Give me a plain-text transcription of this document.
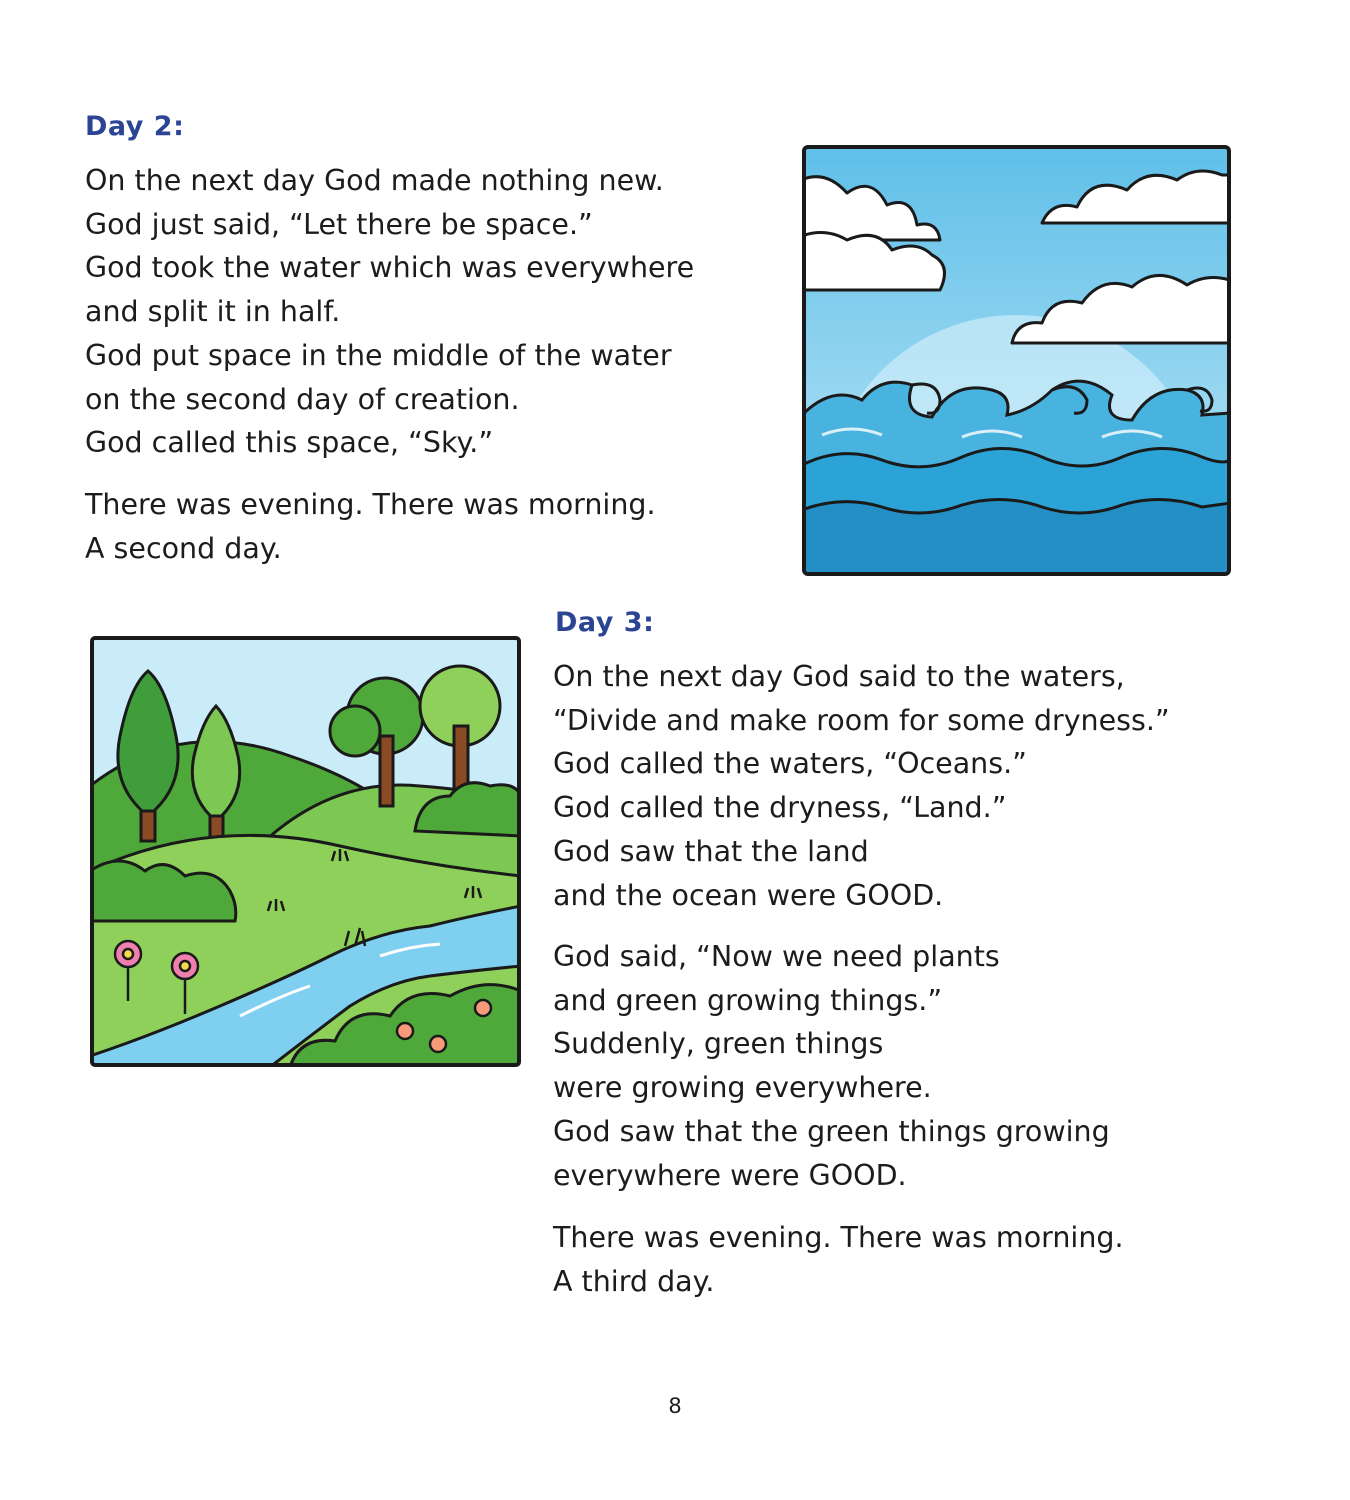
Day 2:
On the next day God made nothing new.
God just said, “Let there be space.”
God took the water which was everywhere
and split it in half.
God put space in the middle of the water
on the second day of creation.
God called this space, “Sky.”
There was evening. There was morning.
A second day.
Day 3:
On the next day God said to the waters,
“Divide and make room for some dryness.”
God called the waters, “Oceans.”
God called the dryness, “Land.”
God saw that the land
and the ocean were GOOD.
God said, “Now we need plants
and green growing things.”
Suddenly, green things
were growing everywhere.
God saw that the green things growing
everywhere were GOOD.
There was evening. There was morning.
A third day.
8
